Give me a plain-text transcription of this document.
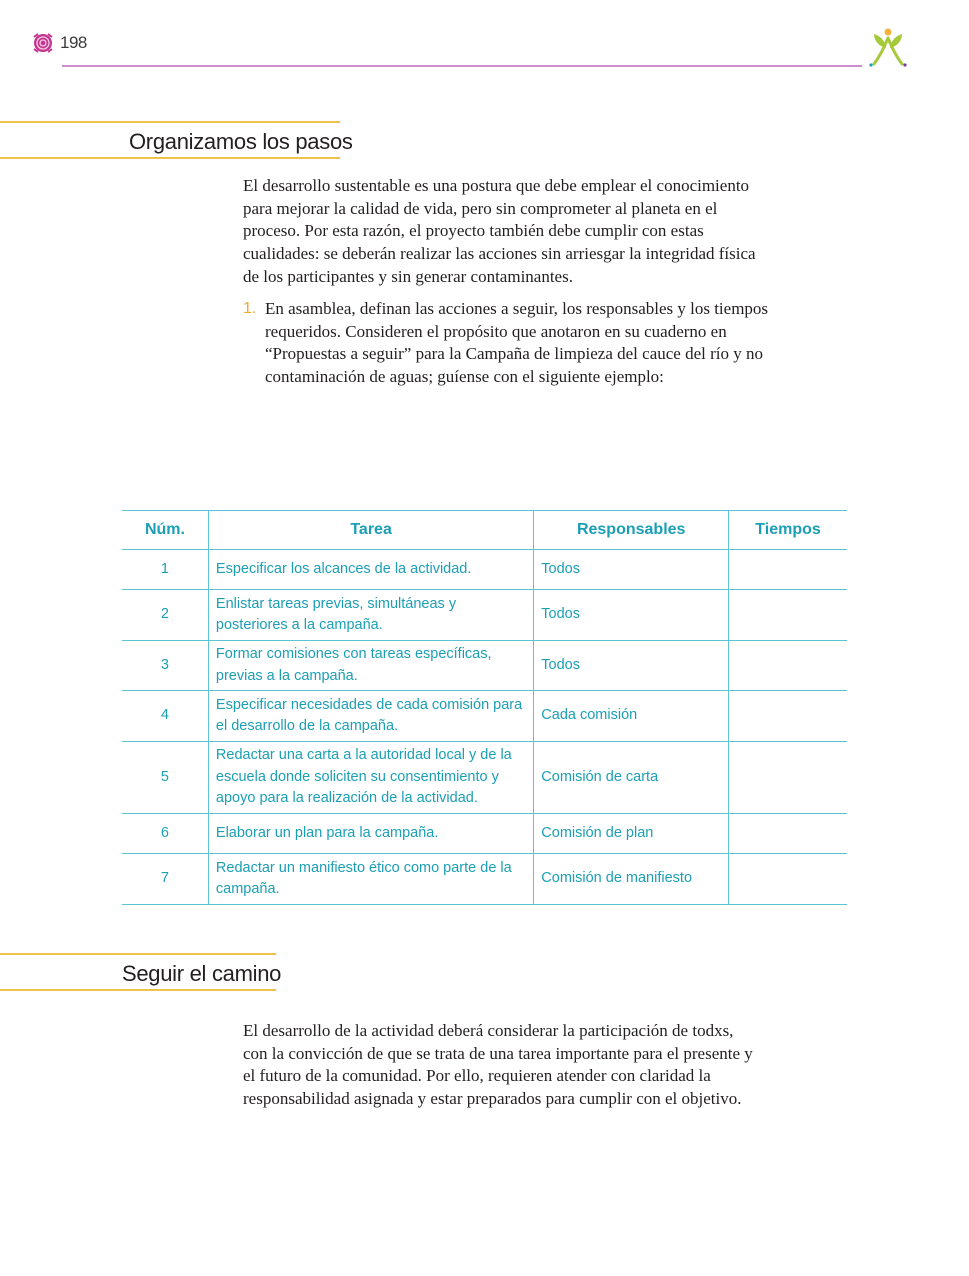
198
Organizamos los pasos

El desarrollo sustentable es una postura que debe emplear el conocimiento para mejorar la calidad de vida, pero sin comprometer al planeta en el proceso. Por esta razón, el proyecto también debe cumplir con estas cualidades: se deberán realizar las acciones sin arriesgar la integridad física de los participantes y sin generar contaminantes.

1. En asamblea, definan las acciones a seguir, los responsables y los tiempos requeridos. Consideren el propósito que anotaron en su cuaderno en “Propuestas a seguir” para la Campaña de limpieza del cauce del río y no contaminación de aguas; guíense con el siguiente ejemplo:
Núm.	Tarea	Responsables	Tiempos
1	Especificar los alcances de la actividad.	Todos	
2	Enlistar tareas previas, simultáneas y posteriores a la campaña.	Todos	
3	Formar comisiones con tareas específicas, previas a la campaña.	Todos	
4	Especificar necesidades de cada comisión para el desarrollo de la campaña.	Cada comisión	
5	Redactar una carta a la autoridad local y de la escuela donde soliciten su consentimiento y apoyo para la realización de la actividad.	Comisión de carta	
6	Elaborar un plan para la campaña.	Comisión de plan	
7	Redactar un manifiesto ético como parte de la campaña.	Comisión de manifiesto	
Seguir el camino

El desarrollo de la actividad deberá considerar la participación de todxs, con la convicción de que se trata de una tarea importante para el presente y el futuro de la comunidad. Por ello, requieren atender con claridad la responsabilidad asignada y estar preparados para cumplir con el objetivo.
